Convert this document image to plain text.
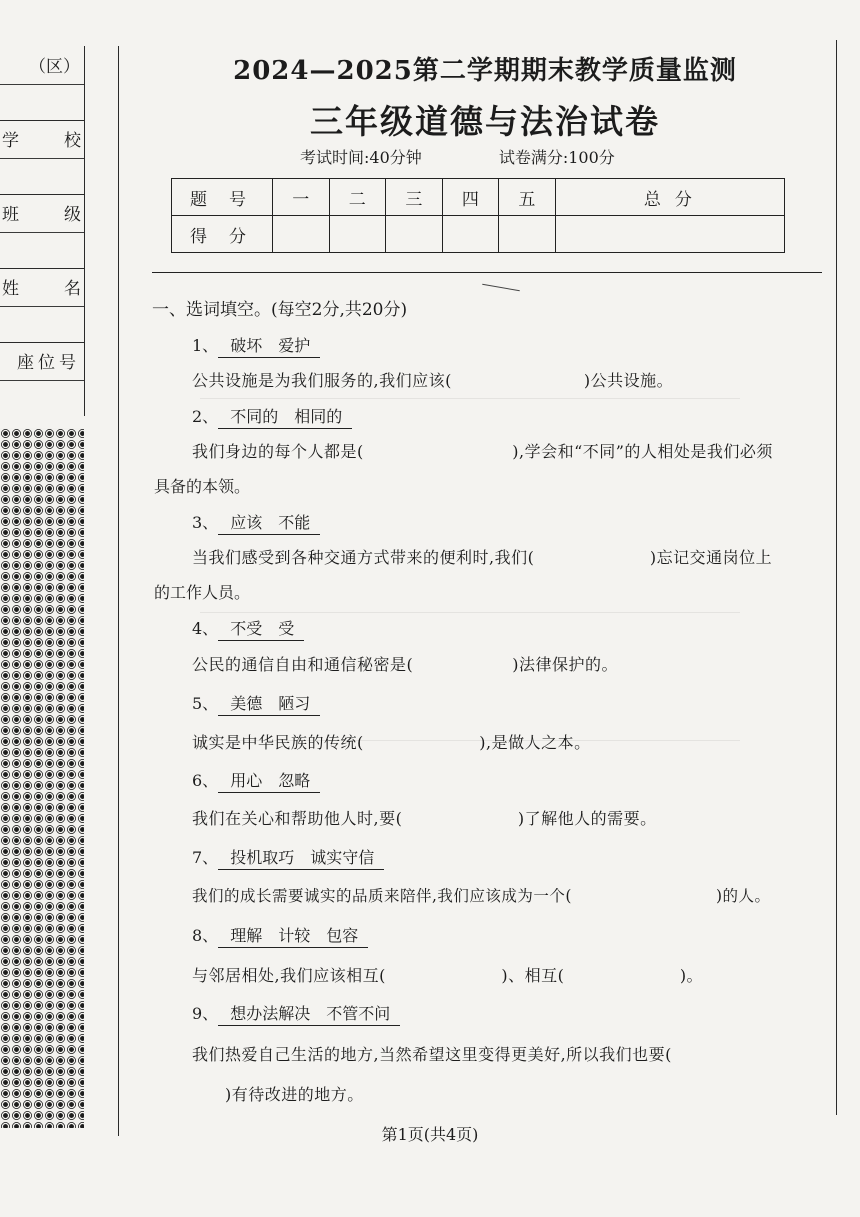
（区）
学　校
班　级
姓　名
座位号
2024—2025第二学期期末教学质量监测
三年级道德与法治试卷
考试时间:40分钟	试卷满分:100分
题号	一	二	三	四	五	总分
得分						
一、选词填空。(每空2分,共20分)
1、 破坏　爱护
公共设施是为我们服务的,我们应该(　　　　　　　　)公共设施。
2、 不同的　相同的
我们身边的每个人都是(　　　　　　　　　),学会和“不同”的人相处是我们必须
具备的本领。
3、 应该　不能
当我们感受到各种交通方式带来的便利时,我们(　　　　　　　)忘记交通岗位上
的工作人员。
4、 不受　受
公民的通信自由和通信秘密是(　　　　　　)法律保护的。
5、 美德　陋习
诚实是中华民族的传统(　　　　　　　),是做人之本。
6、 用心　忽略
我们在关心和帮助他人时,要(　　　　　　　)了解他人的需要。
7、 投机取巧　诚实守信
我们的成长需要诚实的品质来陪伴,我们应该成为一个(　　　　　　　　　)的人。
8、 理解　计较　包容
与邻居相处,我们应该相互(　　　　　　　)、相互(　　　　　　　)。
9、 想办法解决　不管不问
我们热爱自己生活的地方,当然希望这里变得更美好,所以我们也要(
　　)有待改进的地方。
第1页(共4页)
